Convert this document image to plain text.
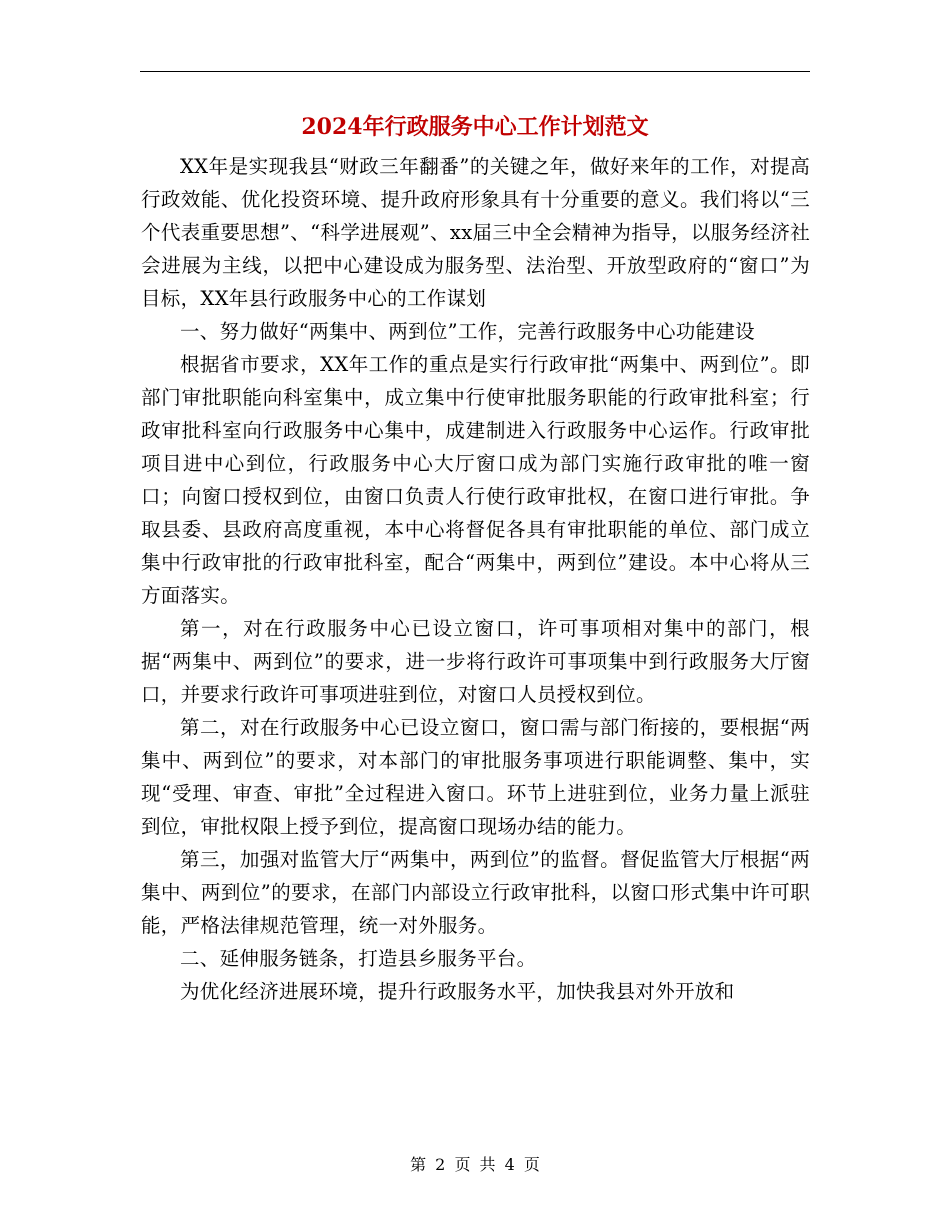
2024年行政服务中心工作计划范文

XX年是实现我县“财政三年翻番”的关键之年，做好来年的工作，对提高行政效能、优化投资环境、提升政府形象具有十分重要的意义。我们将以“三个代表重要思想”、“科学进展观”、xx届三中全会精神为指导，以服务经济社会进展为主线，以把中心建设成为服务型、法治型、开放型政府的“窗口”为目标，XX年县行政服务中心的工作谋划

一、努力做好“两集中、两到位”工作，完善行政服务中心功能建设

根据省市要求，XX年工作的重点是实行行政审批“两集中、两到位”。即部门审批职能向科室集中，成立集中行使审批服务职能的行政审批科室；行政审批科室向行政服务中心集中，成建制进入行政服务中心运作。行政审批项目进中心到位，行政服务中心大厅窗口成为部门实施行政审批的唯一窗口；向窗口授权到位，由窗口负责人行使行政审批权，在窗口进行审批。争取县委、县政府高度重视，本中心将督促各具有审批职能的单位、部门成立集中行政审批的行政审批科室，配合“两集中，两到位”建设。本中心将从三方面落实。

第一，对在行政服务中心已设立窗口，许可事项相对集中的部门，根据“两集中、两到位”的要求，进一步将行政许可事项集中到行政服务大厅窗口，并要求行政许可事项进驻到位，对窗口人员授权到位。

第二，对在行政服务中心已设立窗口，窗口需与部门衔接的，要根据“两集中、两到位”的要求，对本部门的审批服务事项进行职能调整、集中，实现“受理、审查、审批”全过程进入窗口。环节上进驻到位，业务力量上派驻到位，审批权限上授予到位，提高窗口现场办结的能力。

第三，加强对监管大厅“两集中，两到位”的监督。督促监管大厅根据“两集中、两到位”的要求，在部门内部设立行政审批科，以窗口形式集中许可职能，严格法律规范管理，统一对外服务。

二、延伸服务链条，打造县乡服务平台。

为优化经济进展环境，提升行政服务水平，加快我县对外开放和

第 2 页 共 4 页
